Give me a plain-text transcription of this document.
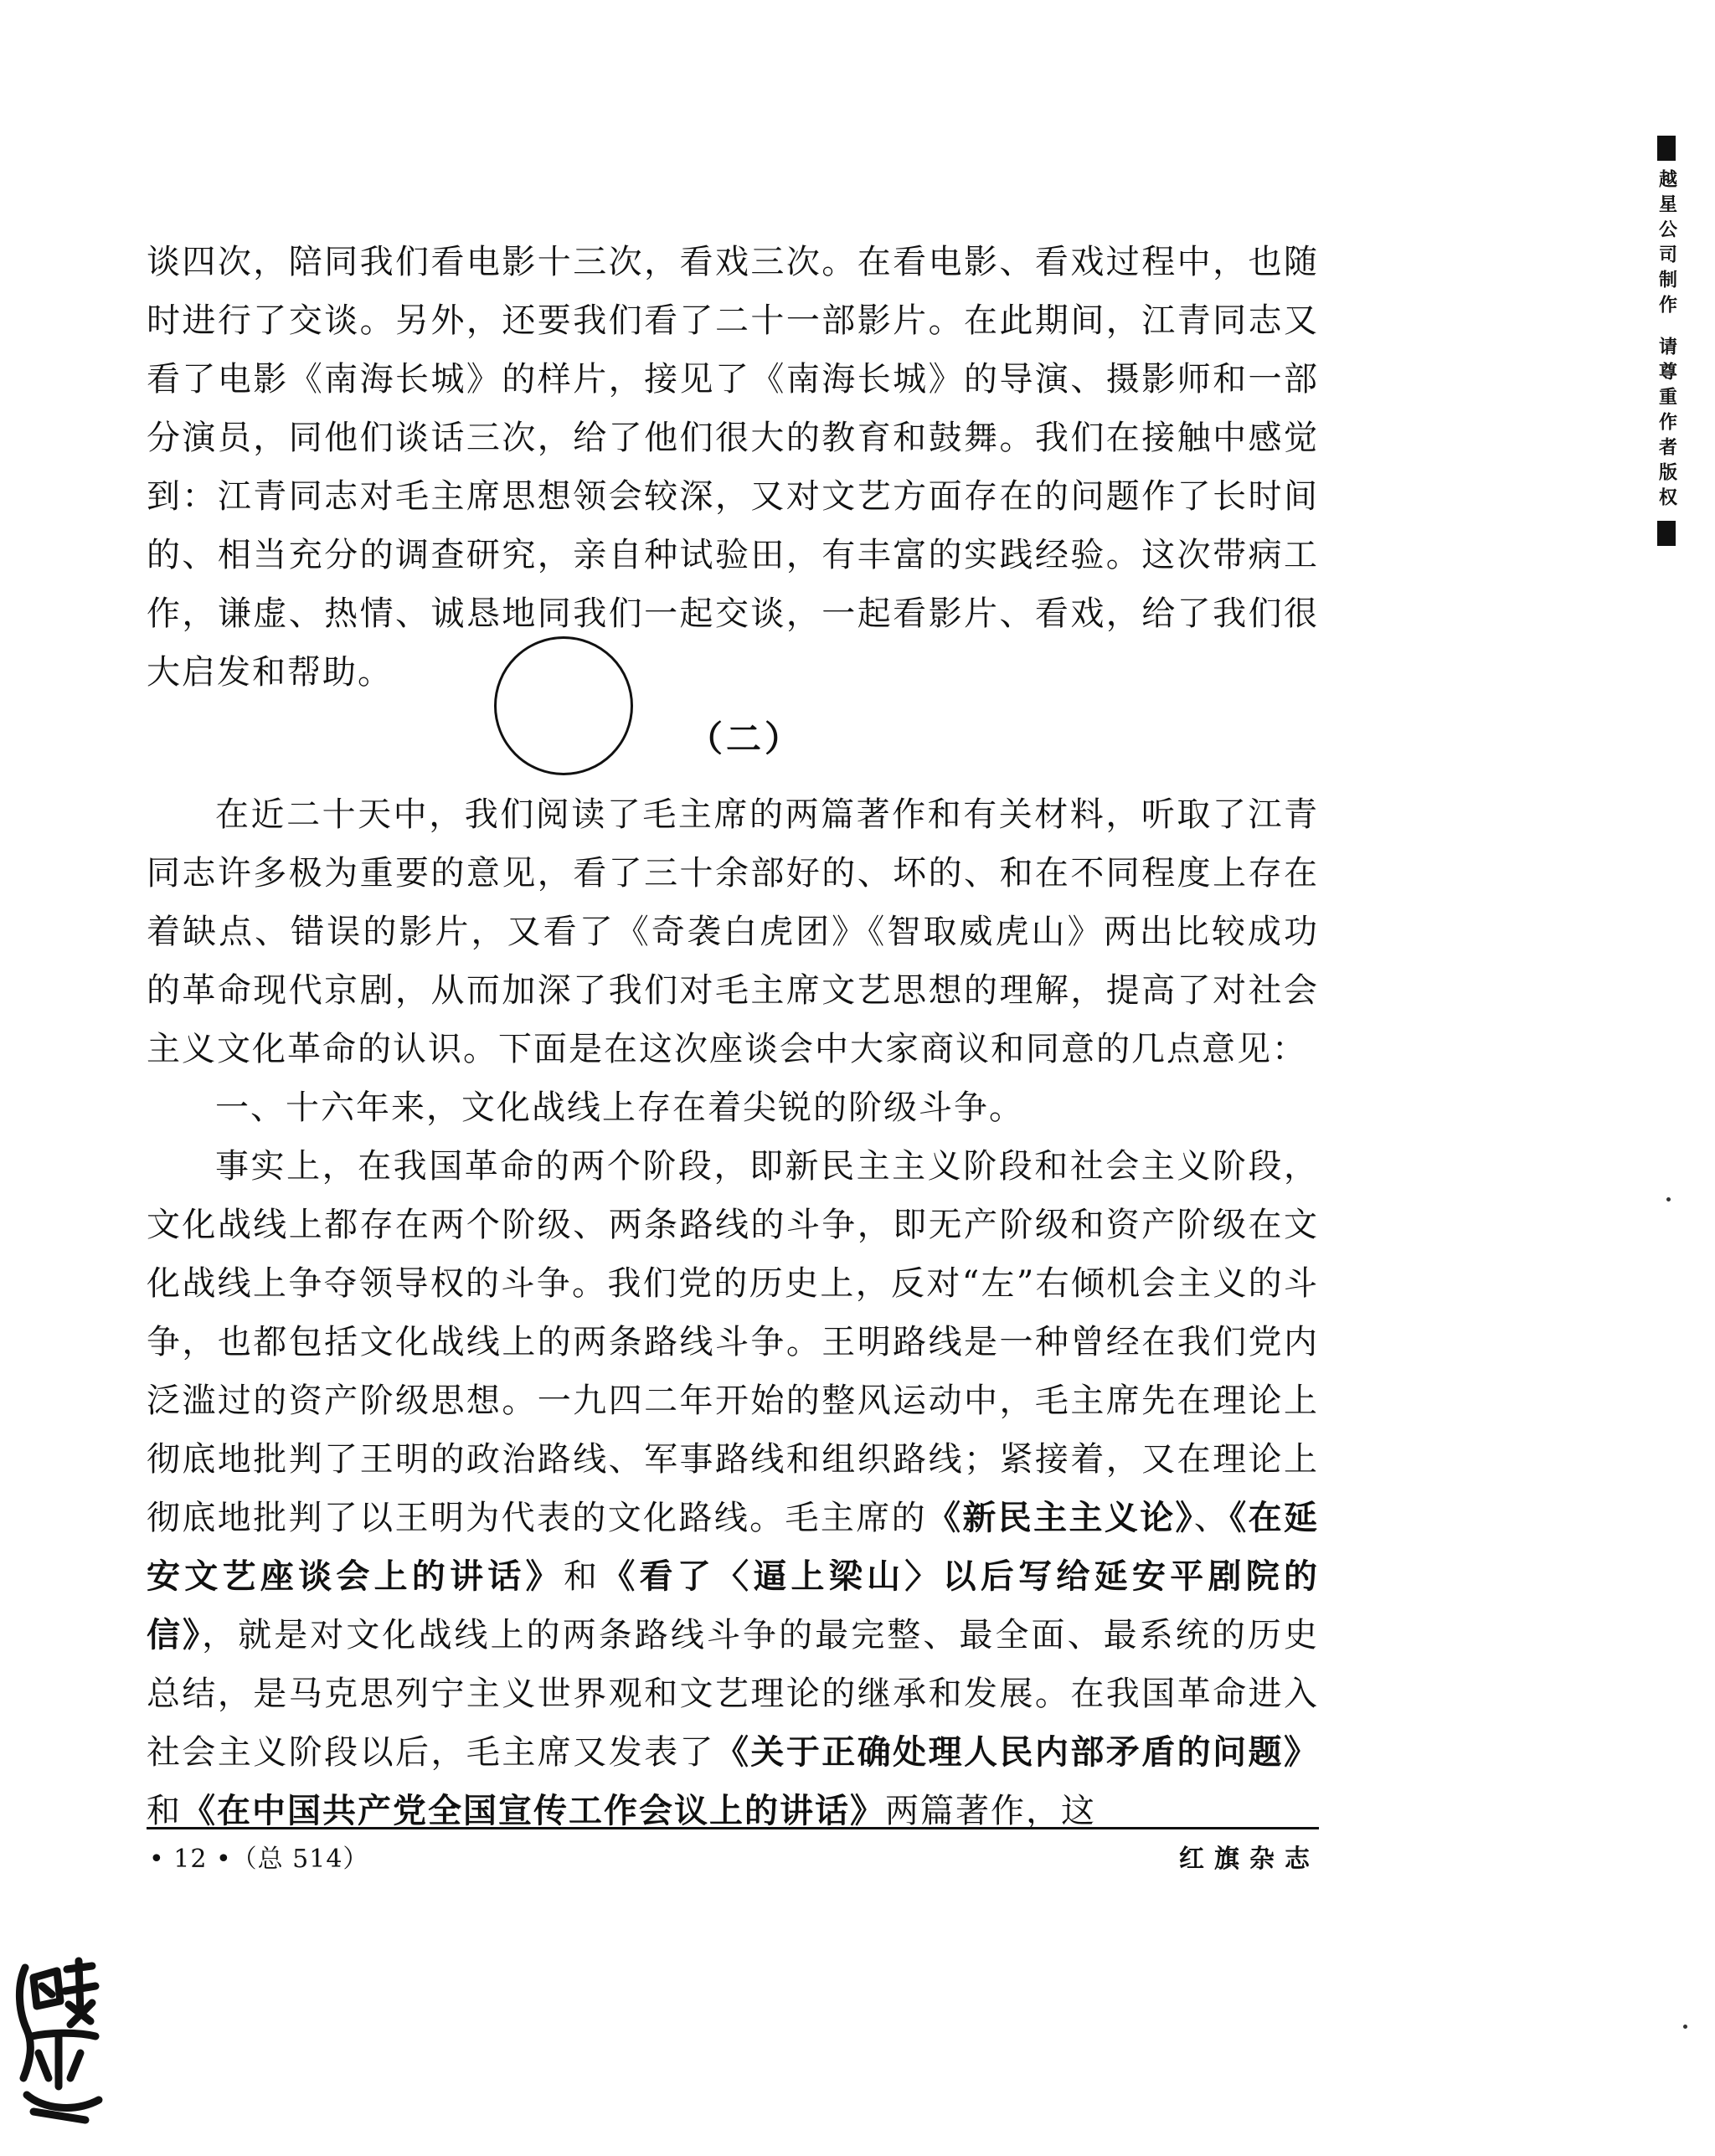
越星公司制作
请尊重作者版权

谈四次，陪同我们看电影十三次，看戏三次。在看电影、看戏过程中，也随时进行了交谈。另外，还要我们看了二十一部影片。在此期间，江青同志又看了电影《南海长城》的样片，接见了《南海长城》的导演、摄影师和一部分演员，同他们谈话三次，给了他们很大的教育和鼓舞。我们在接触中感觉到：江青同志对毛主席思想领会较深，又对文艺方面存在的问题作了长时间的、相当充分的调查研究，亲自种试验田，有丰富的实践经验。这次带病工作，谦虚、热情、诚恳地同我们一起交谈，一起看影片、看戏，给了我们很大启发和帮助。

（二）

在近二十天中，我们阅读了毛主席的两篇著作和有关材料，听取了江青同志许多极为重要的意见，看了三十余部好的、坏的、和在不同程度上存在着缺点、错误的影片，又看了《奇袭白虎团》《智取威虎山》两出比较成功的革命现代京剧，从而加深了我们对毛主席文艺思想的理解，提高了对社会主义文化革命的认识。下面是在这次座谈会中大家商议和同意的几点意见：

一、十六年来，文化战线上存在着尖锐的阶级斗争。

事实上，在我国革命的两个阶段，即新民主主义阶段和社会主义阶段，文化战线上都存在两个阶级、两条路线的斗争，即无产阶级和资产阶级在文化战线上争夺领导权的斗争。我们党的历史上，反对“左”右倾机会主义的斗争，也都包括文化战线上的两条路线斗争。王明路线是一种曾经在我们党内泛滥过的资产阶级思想。一九四二年开始的整风运动中，毛主席先在理论上彻底地批判了王明的政治路线、军事路线和组织路线；紧接着，又在理论上彻底地批判了以王明为代表的文化路线。毛主席的《新民主主义论》、《在延安文艺座谈会上的讲话》和《看了〈逼上梁山〉以后写给延安平剧院的信》，就是对文化战线上的两条路线斗争的最完整、最全面、最系统的历史总结，是马克思列宁主义世界观和文艺理论的继承和发展。在我国革命进入社会主义阶段以后，毛主席又发表了《关于正确处理人民内部矛盾的问题》和《在中国共产党全国宣传工作会议上的讲话》两篇著作，这

• 12 •（总 514）	红旗杂志
